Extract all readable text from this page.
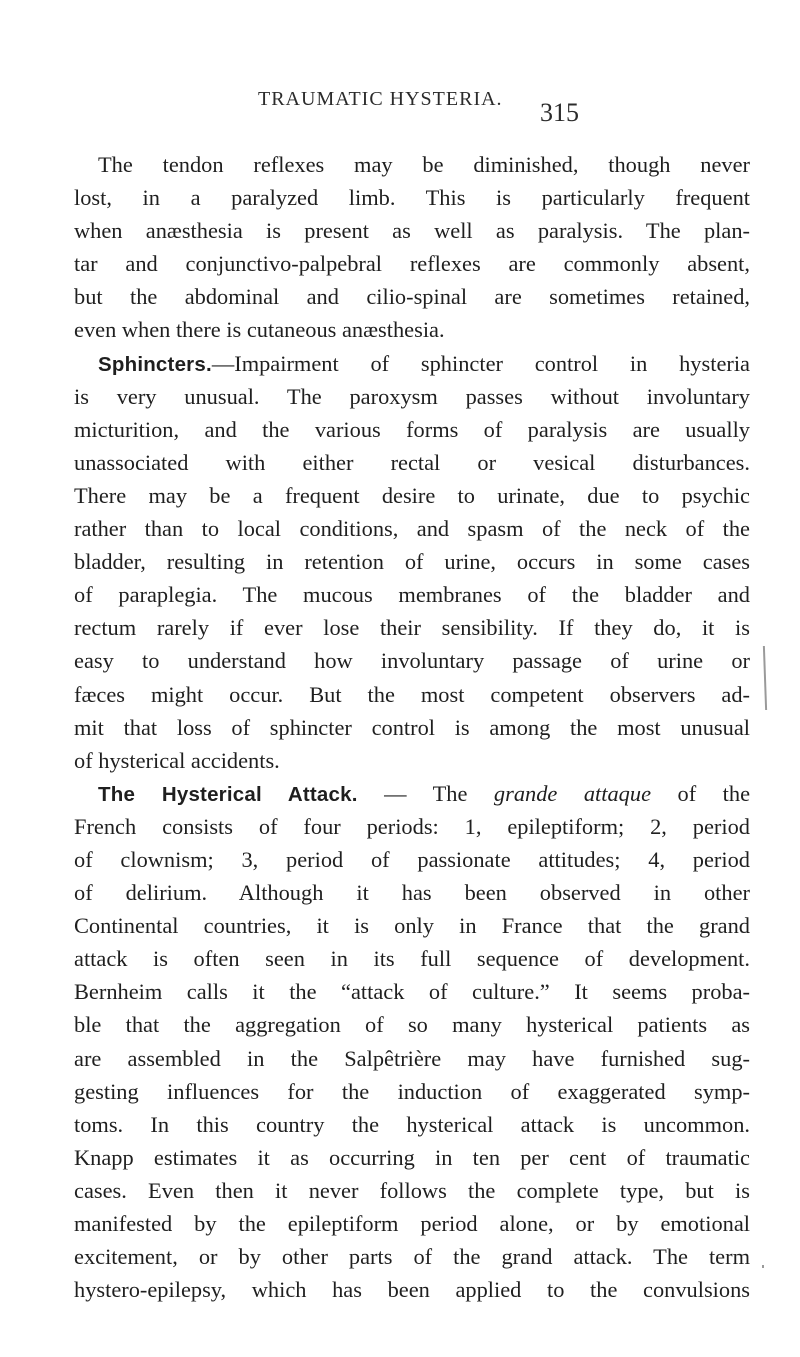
TRAUMATIC HYSTERIA. 315
The tendon reflexes may be diminished, though never
lost, in a paralyzed limb. This is particularly frequent
when anæsthesia is present as well as paralysis. The plan-
tar and conjunctivo-palpebral reflexes are commonly absent,
but the abdominal and cilio-spinal are sometimes retained,
even when there is cutaneous anæsthesia.
Sphincters.—Impairment of sphincter control in hysteria
is very unusual. The paroxysm passes without involuntary
micturition, and the various forms of paralysis are usually
unassociated with either rectal or vesical disturbances.
There may be a frequent desire to urinate, due to psychic
rather than to local conditions, and spasm of the neck of the
bladder, resulting in retention of urine, occurs in some cases
of paraplegia. The mucous membranes of the bladder and
rectum rarely if ever lose their sensibility. If they do, it is
easy to understand how involuntary passage of urine or
fæces might occur. But the most competent observers ad-
mit that loss of sphincter control is among the most unusual
of hysterical accidents.
The Hysterical Attack. — The grande attaque of the
French consists of four periods: 1, epileptiform; 2, period
of clownism; 3, period of passionate attitudes; 4, period
of delirium. Although it has been observed in other
Continental countries, it is only in France that the grand
attack is often seen in its full sequence of development.
Bernheim calls it the “attack of culture.” It seems proba-
ble that the aggregation of so many hysterical patients as
are assembled in the Salpêtrière may have furnished sug-
gesting influences for the induction of exaggerated symp-
toms. In this country the hysterical attack is uncommon.
Knapp estimates it as occurring in ten per cent of traumatic
cases. Even then it never follows the complete type, but is
manifested by the epileptiform period alone, or by emotional
excitement, or by other parts of the grand attack. The term
hystero-epilepsy, which has been applied to the convulsions
